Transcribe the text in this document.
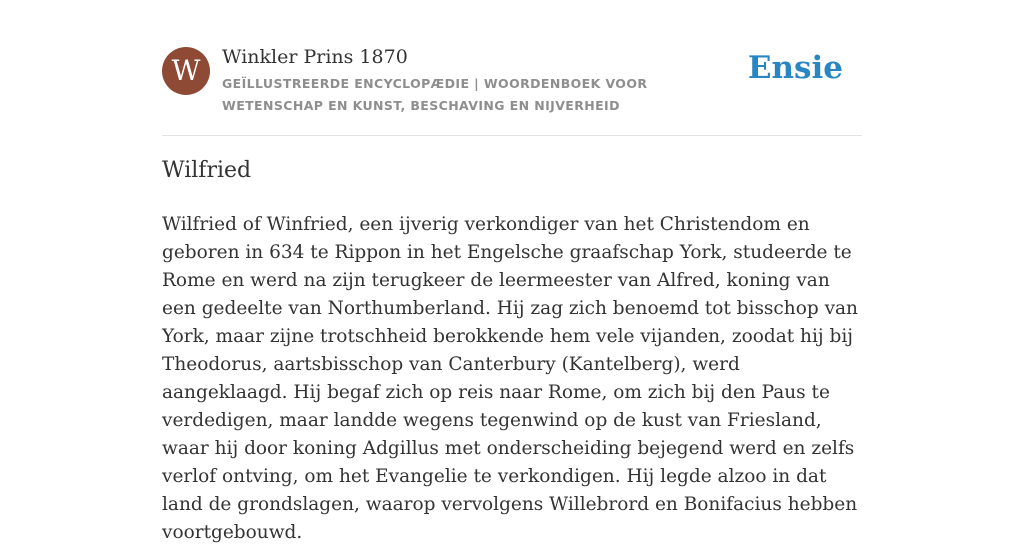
W	Winkler Prins 1870
GEÏLLUSTREERDE ENCYCLOPÆDIE | WOORDENBOEK VOOR WETENSCHAP EN KUNST, BESCHAVING EN NIJVERHEID
Ensie
Wilfried

Wilfried of Winfried, een ijverig verkondiger van het Christendom en geboren in 634 te Rippon in het Engelsche graafschap York, studeerde te Rome en werd na zijn terugkeer de leermeester van Alfred, koning van een gedeelte van Northumberland. Hij zag zich benoemd tot bisschop van York, maar zijne trotschheid berokkende hem vele vijanden, zoodat hij bij Theodorus, aartsbisschop van Canterbury (Kantelberg), werd aangeklaagd. Hij begaf zich op reis naar Rome, om zich bij den Paus te verdedigen, maar landde wegens tegenwind op de kust van Friesland, waar hij door koning Adgillus met onderscheiding bejegend werd en zelfs verlof ontving, om het Evangelie te verkondigen. Hij legde alzoo in dat land de grondslagen, waarop vervolgens Willebrord en Bonifacius hebben voortgebouwd.
